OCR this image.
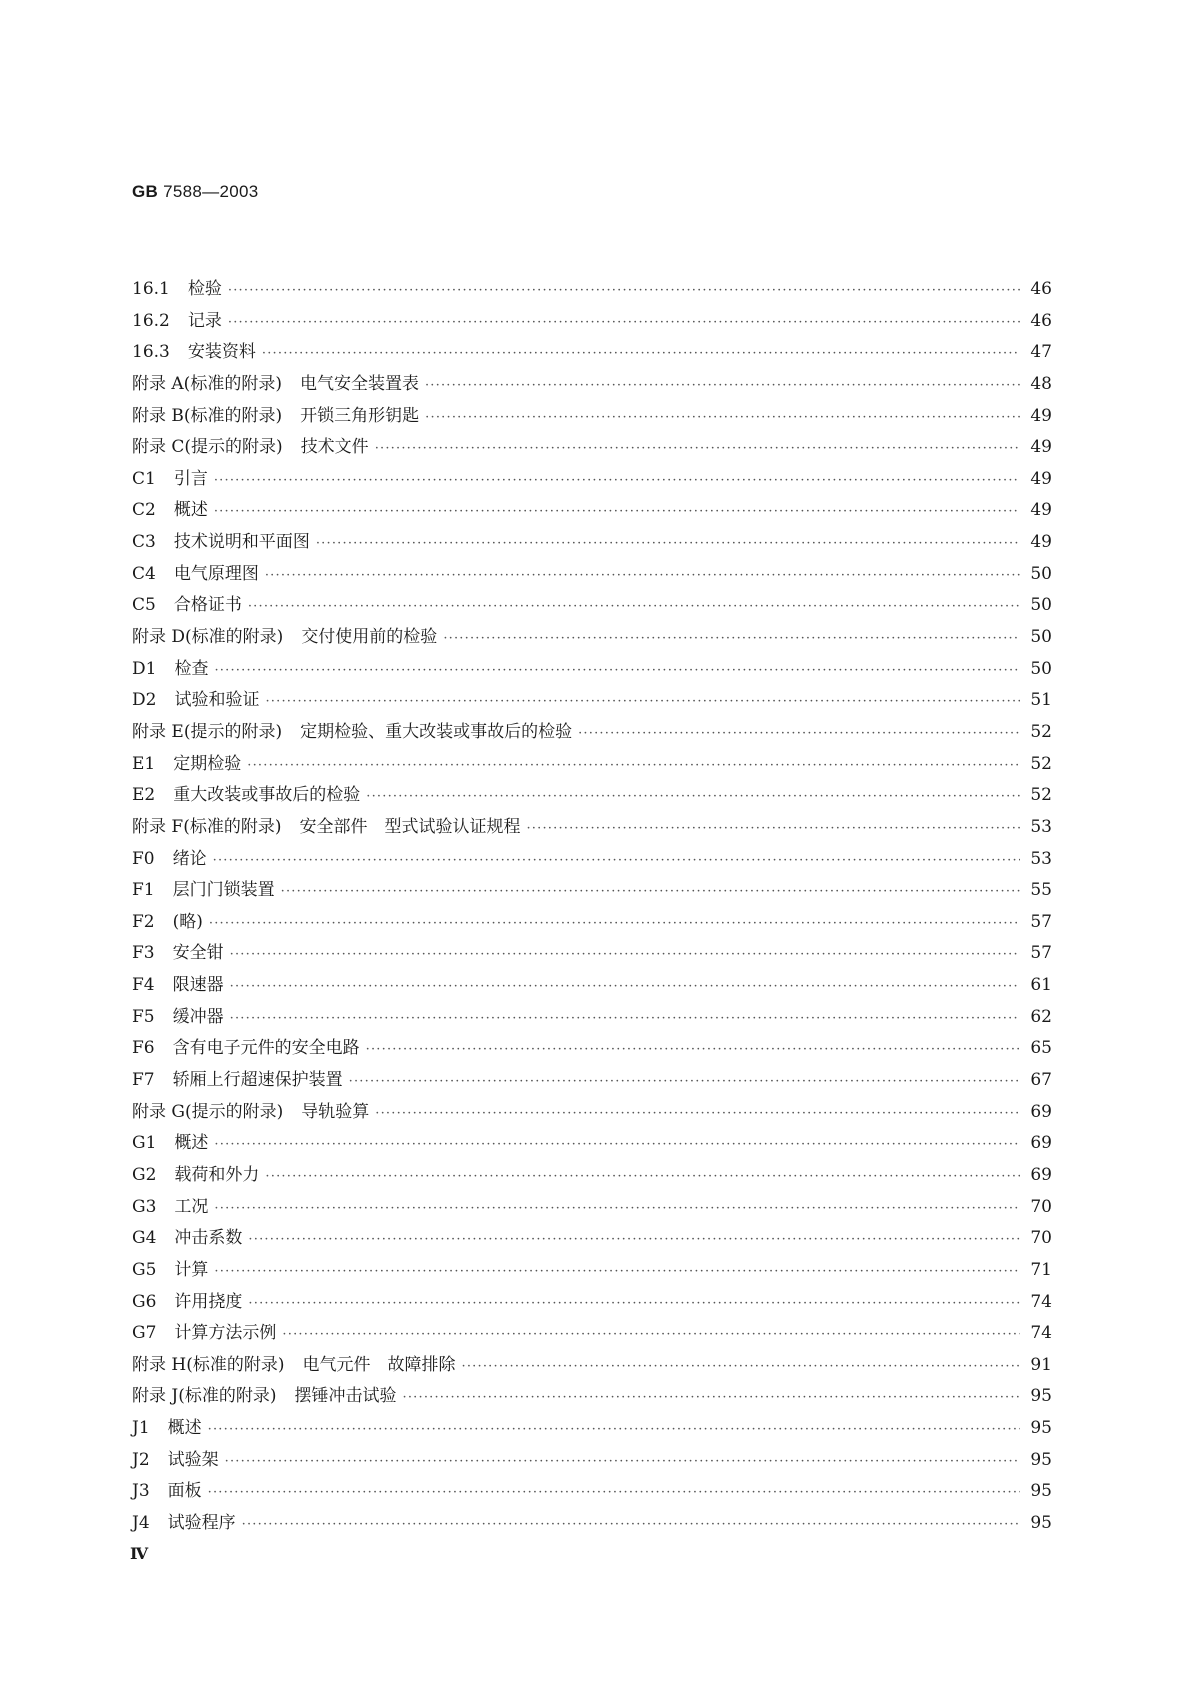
GB 7588—2003
16.1 检验 ·····	46
16.2 记录 ·····	46
16.3 安装资料 ·····	47
附录 A(标准的附录) 电气安全装置表 ·····	48
附录 B(标准的附录) 开锁三角形钥匙 ·····	49
附录 C(提示的附录) 技术文件 ·····	49
C1 引言 ·····	49
C2 概述 ·····	49
C3 技术说明和平面图 ·····	49
C4 电气原理图 ·····	50
C5 合格证书 ·····	50
附录 D(标准的附录) 交付使用前的检验 ·····	50
D1 检查 ·····	50
D2 试验和验证 ·····	51
附录 E(提示的附录) 定期检验、重大改装或事故后的检验 ·····	52
E1 定期检验 ·····	52
E2 重大改装或事故后的检验 ·····	52
附录 F(标准的附录) 安全部件　型式试验认证规程 ·····	53
F0 绪论 ·····	53
F1 层门门锁装置 ·····	55
F2 (略) ·····	57
F3 安全钳 ·····	57
F4 限速器 ·····	61
F5 缓冲器 ·····	62
F6 含有电子元件的安全电路 ·····	65
F7 轿厢上行超速保护装置 ·····	67
附录 G(提示的附录) 导轨验算 ·····	69
G1 概述 ·····	69
G2 载荷和外力 ·····	69
G3 工况 ·····	70
G4 冲击系数 ·····	70
G5 计算 ·····	71
G6 许用挠度 ·····	74
G7 计算方法示例 ·····	74
附录 H(标准的附录) 电气元件　故障排除 ·····	91
附录 J(标准的附录) 摆锤冲击试验 ·····	95
J1 概述 ·····	95
J2 试验架 ·····	95
J3 面板 ·····	95
J4 试验程序 ·····	95
Ⅳ
